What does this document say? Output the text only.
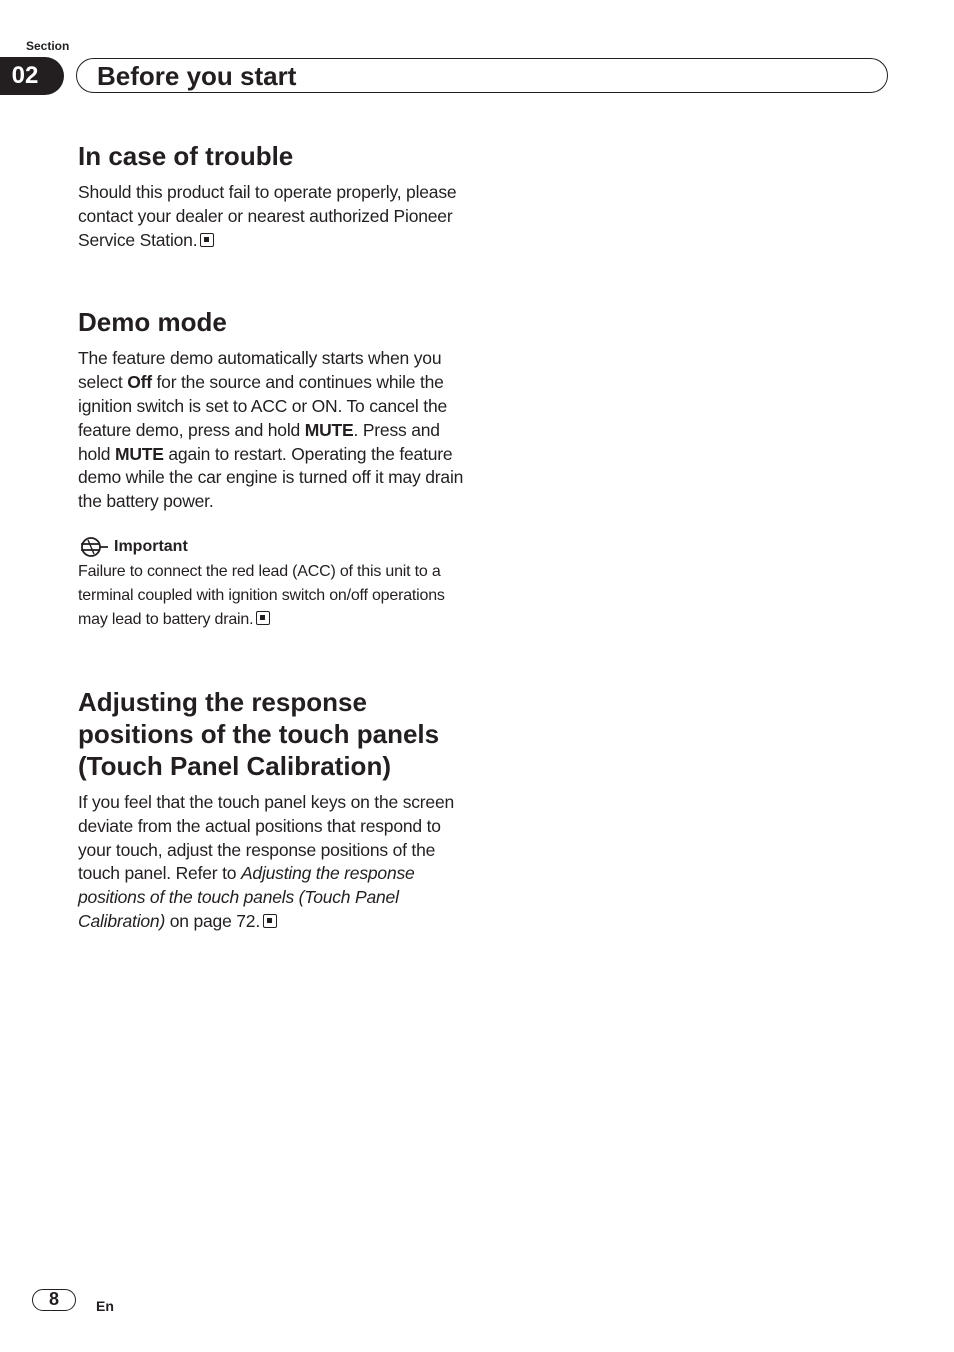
Section
02 Before you start
In case of trouble

Should this product fail to operate properly, please contact your dealer or nearest authorized Pioneer Service Station.

Demo mode

The feature demo automatically starts when you select Off for the source and continues while the ignition switch is set to ACC or ON. To cancel the feature demo, press and hold MUTE. Press and hold MUTE again to restart. Operating the feature demo while the car engine is turned off it may drain the battery power.

Important

Failure to connect the red lead (ACC) of this unit to a terminal coupled with ignition switch on/off operations may lead to battery drain.

Adjusting the response positions of the touch panels (Touch Panel Calibration)

If you feel that the touch panel keys on the screen deviate from the actual positions that respond to your touch, adjust the response positions of the touch panel. Refer to Adjusting the response positions of the touch panels (Touch Panel Calibration) on page 72.

8	En
